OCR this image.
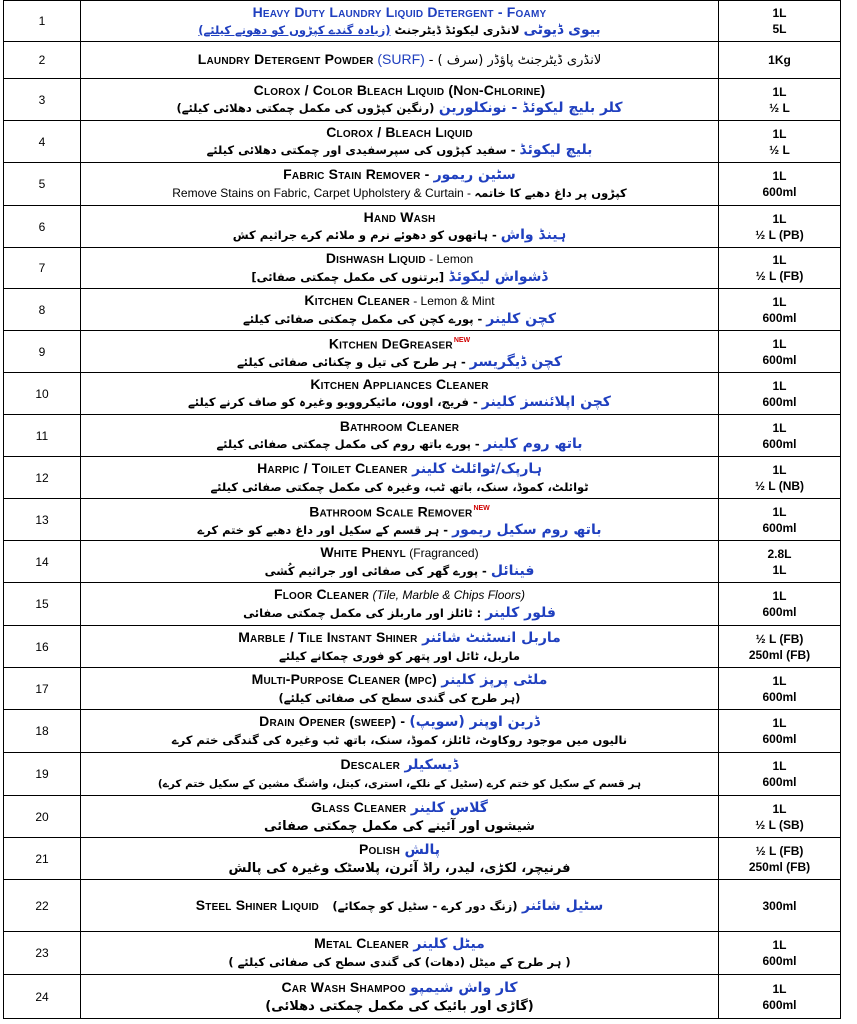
1	Heavy Duty Laundry Liquid Detergent - Foamy
بیوی ڈیوٹی لانڈری لیکوئڈ ڈیٹرجنٹ (زیادہ گندے کپڑوں کو دھونے کیلئے)	1L
5L

2	Laundry Detergent Powder (SURF) - ( سرف) لانڈری ڈیٹرجنٹ پاؤڈر	1Kg

3	Clorox / Color Bleach Liquid (Non-Chlorine)
کلر بلیچ لیکوئڈ - نونکلورین (رنگین کپڑوں کی مکمل چمکتی دھلائی کیلئے)	1L
½ L

4	Clorox / Bleach Liquid
بلیچ لیکوئڈ - سفید کپڑوں کی سپرسفیدی اور چمکتی دھلائی کیلئے	1L
½ L

5	Fabric Stain Remover - سٹین ریمور
Remove Stains on Fabric, Carpet Upholstery & Curtain - کپڑوں پر داغ دھبے کا خاتمہ	1L
600ml

6	Hand Wash
ہینڈ واش - ہاتھوں کو دھوئے نرم و ملائم کرے جراثیم کش	1L
½ L (PB)

7	Dishwash Liquid - Lemon
ڈشواش لیکوئڈ [برتنوں کی مکمل چمکتی صفائی]	1L
½ L (FB)

8	Kitchen Cleaner - Lemon & Mint
کچن کلینر - پورے کچن کی مکمل چمکتی صفائی کیلئے	1L
600ml

9	Kitchen DeGreaser$^{NEW}$
کچن ڈیگریسر - ہر طرح کی تیل و چکنائی صفائی کیلئے	1L
600ml

10	Kitchen Appliances Cleaner
کچن اپلائنسز کلینر - فریج، اوون، مائیکروویو وغیرہ کو صاف کرنے کیلئے	1L
600ml

11	Bathroom Cleaner
باتھ روم کلینر - پورے باتھ روم کی مکمل چمکتی صفائی کیلئے	1L
600ml

12	Harpic / Toilet Cleaner ہارپک/ٹوائلٹ کلینر
ٹوائلٹ، کموڈ، سنک، باتھ ٹب، وغیرہ کی مکمل چمکتی صفائی کیلئے	1L
½ L (NB)

13	Bathroom Scale Remover$^{NEW}$
باتھ روم سکیل ریمور - ہر قسم کے سکیل اور داغ دھبے کو ختم کرے	1L
600ml

14	White Phenyl (Fragranced)
فینائل - پورے گھر کی صفائی اور جراثیم کُشی	2.8L
1L

15	Floor Cleaner (Tile, Marble & Chips Floors)
فلور کلینر : ٹائلز اور ماربلز کی مکمل چمکتی صفائی	1L
600ml

16	Marble / Tile Instant Shiner ماربل انسٹنٹ شائنر
ماربل، ٹائل اور پتھر کو فوری چمکانے کیلئے	½ L (FB)
250ml (FB)

17	Multi-Purpose Cleaner (mpc) ملٹی پرپز کلینر
(ہر طرح کی گندی سطح کی صفائی کیلئے)	1L
600ml

18	Drain Opener (sweep) - ڈرین اوپنر (سویپ)
نالیوں میں موجود روکاوٹ، ٹائلز، کموڈ، سنک، باتھ ٹب وغیرہ کی گندگی ختم کرے	1L
600ml

19	Descaler ڈیسکیلر
ہر قسم کے سکیل کو ختم کرے (سٹیل کے نلکے، استری، کیتل، واشنگ مشین کے سکیل ختم کرے)	1L
600ml

20	Glass Cleaner گلاس کلینر
شیشوں اور آئینے کی مکمل چمکتی صفائی	1L
½ L (SB)

21	Polish پالش
فرنیچر، لکڑی، لیدر، راڈ آئرن، پلاسٹک وغیرہ کی پالش	½ L (FB)
250ml (FB)

22	Steel Shiner Liquid (زنگ دور کرے - سٹیل کو چمکائے) سٹیل شائنر	300ml

23	Metal Cleaner میٹل کلینر
( ہر طرح کے میٹل (دھات) کی گندی سطح کی صفائی کیلئے )	1L
600ml

24	Car Wash Shampoo کار واش شیمپو
(گاڑی اور بائیک کی مکمل چمکتی دھلائی)	1L
600ml
